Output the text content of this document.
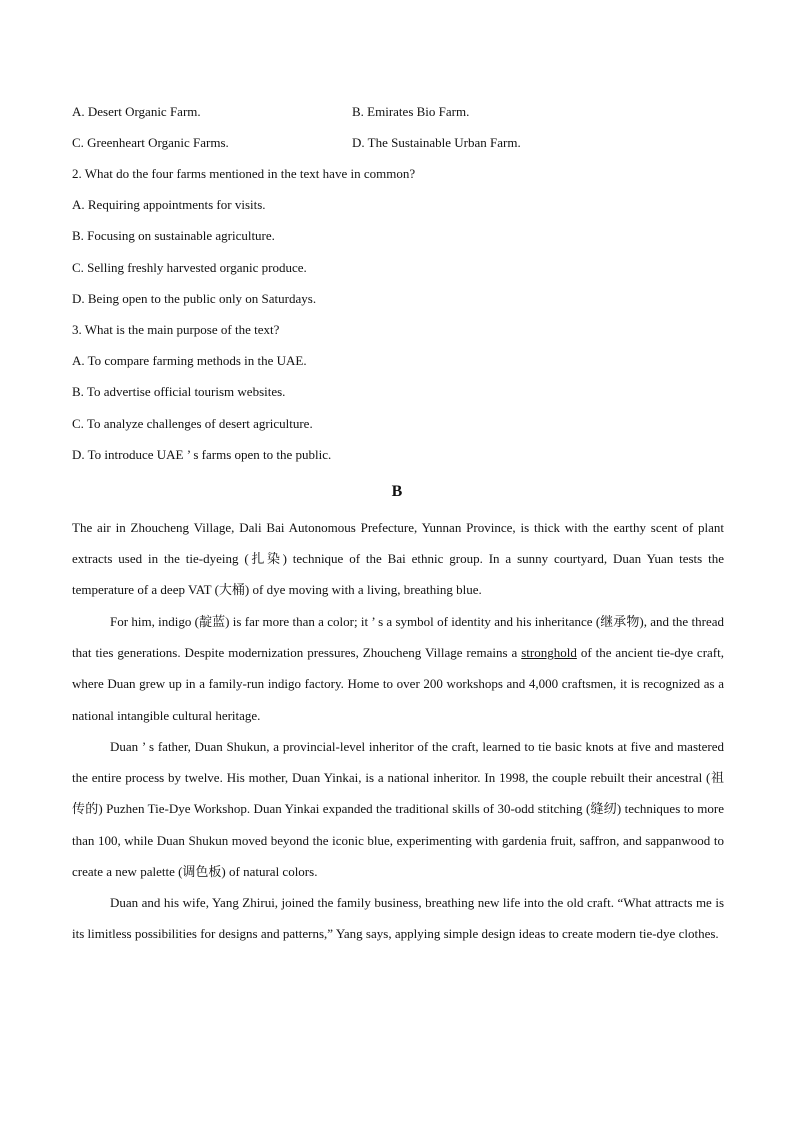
A. Desert Organic Farm.	B. Emirates Bio Farm.
C. Greenheart Organic Farms.	D. The Sustainable Urban Farm.
2. What do the four farms mentioned in the text have in common?
A. Requiring appointments for visits.
B. Focusing on sustainable agriculture.
C. Selling freshly harvested organic produce.
D. Being open to the public only on Saturdays.
3. What is the main purpose of the text?
A. To compare farming methods in the UAE.
B. To advertise official tourism websites.
C. To analyze challenges of desert agriculture.
D. To introduce UAE ’ s farms open to the public.
B
The air in Zhoucheng Village, Dali Bai Autonomous Prefecture, Yunnan Province, is thick with the earthy scent of plant extracts used in the tie-dyeing (扎染) technique of the Bai ethnic group. In a sunny courtyard, Duan Yuan tests the temperature of a deep VAT (大桶) of dye moving with a living, breathing blue.
For him, indigo (靛蓝) is far more than a color; it ’ s a symbol of identity and his inheritance (继承物), and the thread that ties generations. Despite modernization pressures, Zhoucheng Village remains a stronghold of the ancient tie-dye craft, where Duan grew up in a family-run indigo factory. Home to over 200 workshops and 4,000 craftsmen, it is recognized as a national intangible cultural heritage.
Duan ’ s father, Duan Shukun, a provincial-level inheritor of the craft, learned to tie basic knots at five and mastered the entire process by twelve. His mother, Duan Yinkai, is a national inheritor. In 1998, the couple rebuilt their ancestral (祖传的) Puzhen Tie-Dye Workshop. Duan Yinkai expanded the traditional skills of 30-odd stitching (缝纫) techniques to more than 100, while Duan Shukun moved beyond the iconic blue, experimenting with gardenia fruit, saffron, and sappanwood to create a new palette (调色板) of natural colors.
Duan and his wife, Yang Zhirui, joined the family business, breathing new life into the old craft. “What attracts me is its limitless possibilities for designs and patterns,” Yang says, applying simple design ideas to create modern tie-dye clothes.
